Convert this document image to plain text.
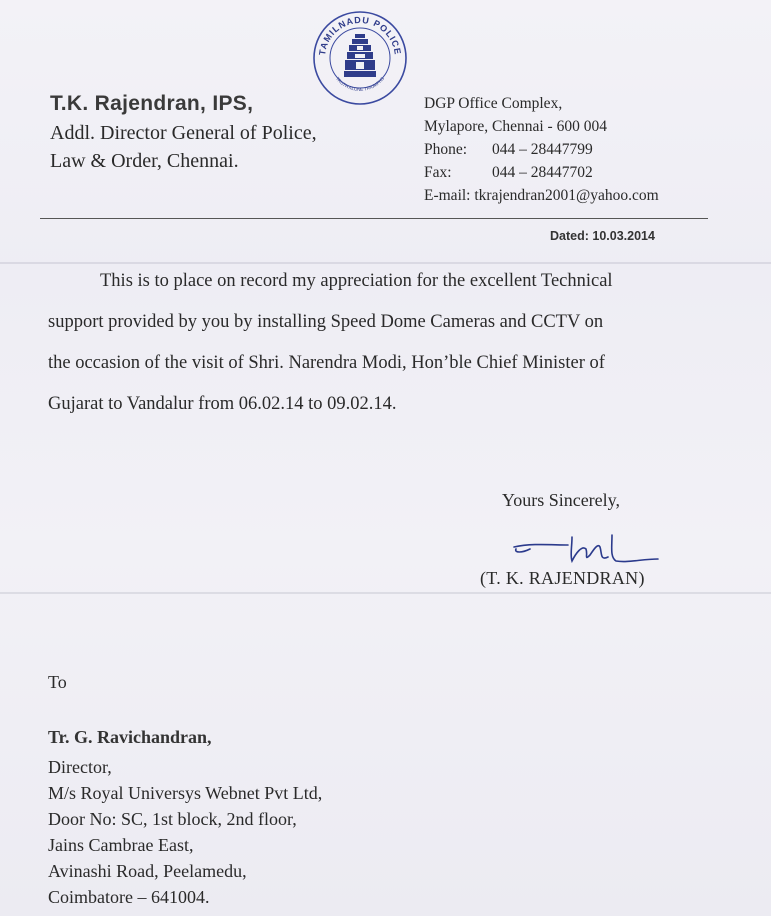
TAMILNADU POLICE
TRUTH ALONE TRIUMPHS
T.K. Rajendran, IPS,
Addl. Director General of Police,
Law & Order, Chennai.
DGP Office Complex,
Mylapore, Chennai - 600 004
Phone: 044 – 28447799
Fax:	044 – 28447702
E-mail: tkrajendran2001@yahoo.com
Dated: 10.03.2014
This is to place on record my appreciation for the excellent Technical
support provided by you by installing Speed Dome Cameras and CCTV on
the occasion of the visit of Shri. Narendra Modi, Hon’ble Chief Minister of
Gujarat to Vandalur from 06.02.14 to 09.02.14.
Yours Sincerely,
(T. K. RAJENDRAN)
To
Tr. G. Ravichandran,
Director,
M/s Royal Universys Webnet Pvt Ltd,
Door No: SC, 1st block, 2nd floor,
Jains Cambrae East,
Avinashi Road, Peelamedu,
Coimbatore – 641004.
